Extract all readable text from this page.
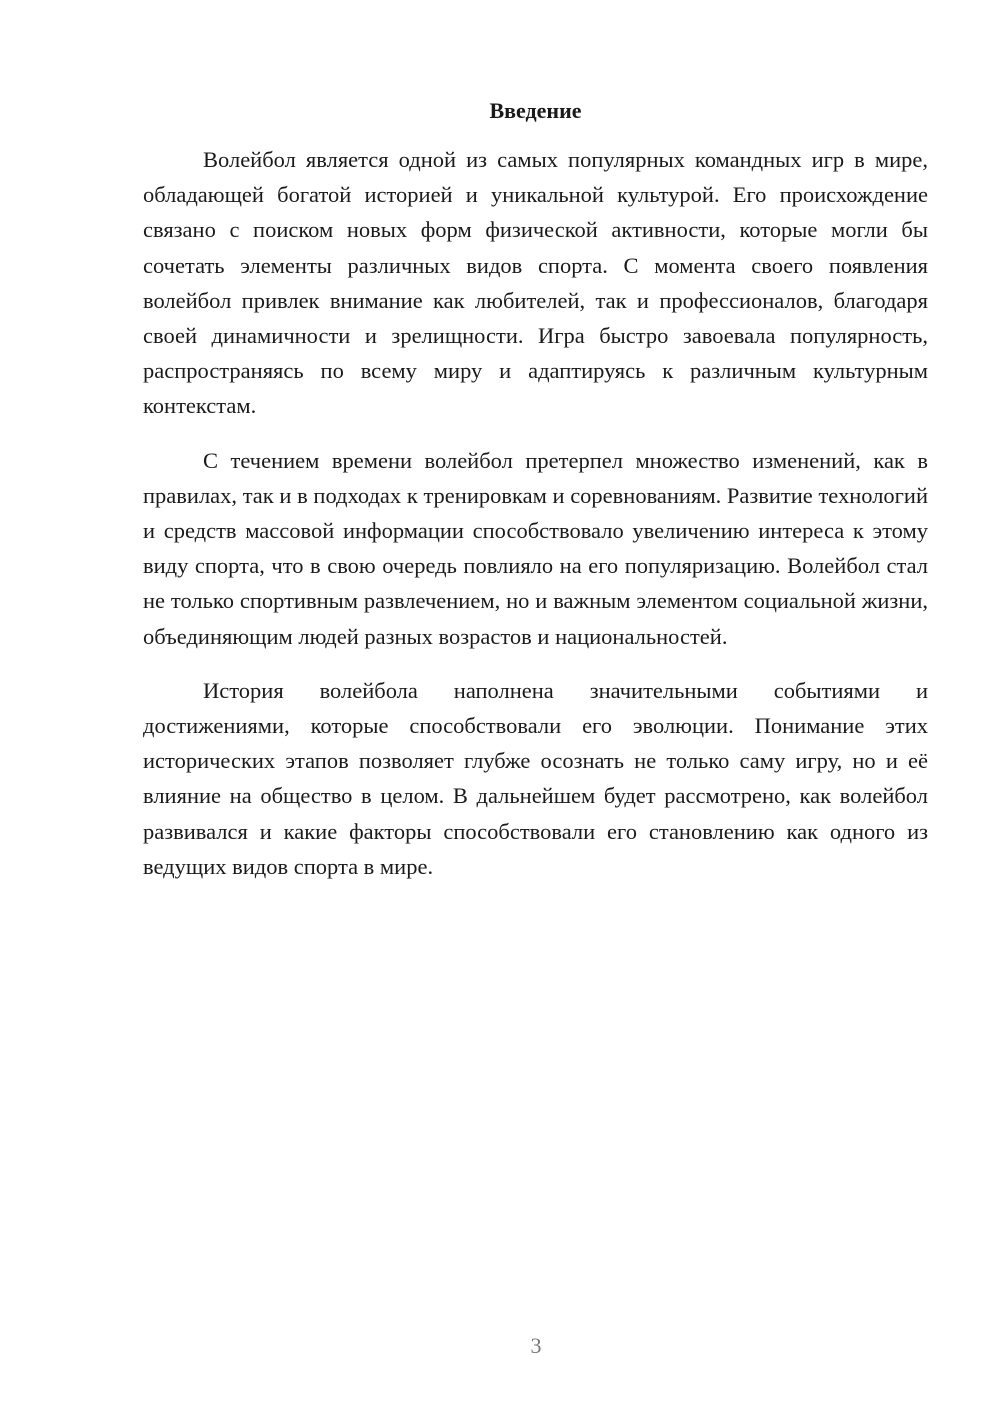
Введение

Волейбол является одной из самых популярных командных игр в мире, обладающей богатой историей и уникальной культурой. Его происхождение связано с поиском новых форм физической активности, которые могли бы сочетать элементы различных видов спорта. С момента своего появления волейбол привлек внимание как любителей, так и профессионалов, благодаря своей динамичности и зрелищности. Игра быстро завоевала популярность, распространяясь по всему миру и адаптируясь к различным культурным контекстам.

С течением времени волейбол претерпел множество изменений, как в правилах, так и в подходах к тренировкам и соревнованиям. Развитие технологий и средств массовой информации способствовало увеличению интереса к этому виду спорта, что в свою очередь повлияло на его популяризацию. Волейбол стал не только спортивным развлечением, но и важным элементом социальной жизни, объединяющим людей разных возрастов и национальностей.

История волейбола наполнена значительными событиями и достижениями, которые способствовали его эволюции. Понимание этих исторических этапов позволяет глубже осознать не только саму игру, но и её влияние на общество в целом. В дальнейшем будет рассмотрено, как волейбол развивался и какие факторы способствовали его становлению как одного из ведущих видов спорта в мире.

3
